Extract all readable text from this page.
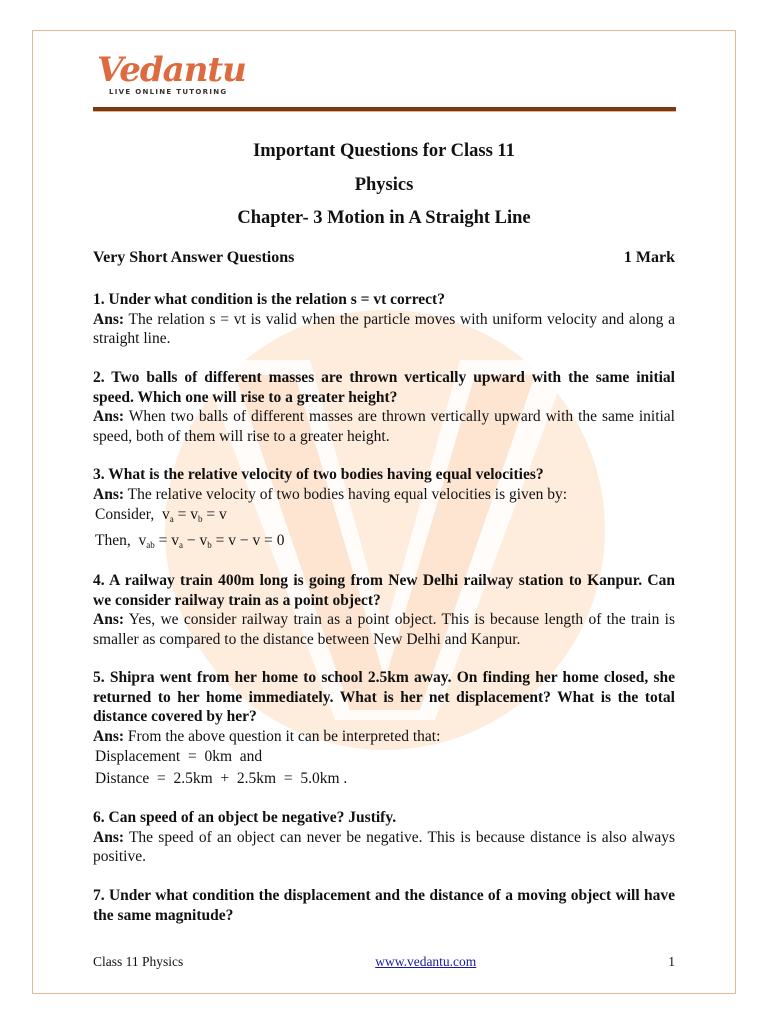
Vedantu
LIVE ONLINE TUTORING
Important Questions for Class 11
Physics
Chapter- 3 Motion in A Straight Line
Very Short Answer Questions	1 Mark
1. Under what condition is the relation s = vt correct?
Ans: The relation s = vt is valid when the particle moves with uniform velocity and along a straight line.
2. Two balls of different masses are thrown vertically upward with the same initial speed. Which one will rise to a greater height?
Ans: When two balls of different masses are thrown vertically upward with the same initial speed, both of them will rise to a greater height.
3. What is the relative velocity of two bodies having equal velocities?
Ans: The relative velocity of two bodies having equal velocities is given by:
Consider, $v_a = v_b = v$
Then, $v_{ab} = v_a - v_b = v - v = 0$
4. A railway train 400m long is going from New Delhi railway station to Kanpur. Can we consider railway train as a point object?
Ans: Yes, we consider railway train as a point object. This is because length of the train is smaller as compared to the distance between New Delhi and Kanpur.
5. Shipra went from her home to school 2.5km away. On finding her home closed, she returned to her home immediately. What is her net displacement? What is the total distance covered by her?
Ans: From the above question it can be interpreted that:
Displacement  =  0km  and
Distance  =  2.5km  +  2.5km  =  5.0km .
6. Can speed of an object be negative? Justify.
Ans: The speed of an object can never be negative. This is because distance is also always positive.
7. Under what condition the displacement and the distance of a moving object will have the same magnitude?
Class 11 Physics	www.vedantu.com	1
